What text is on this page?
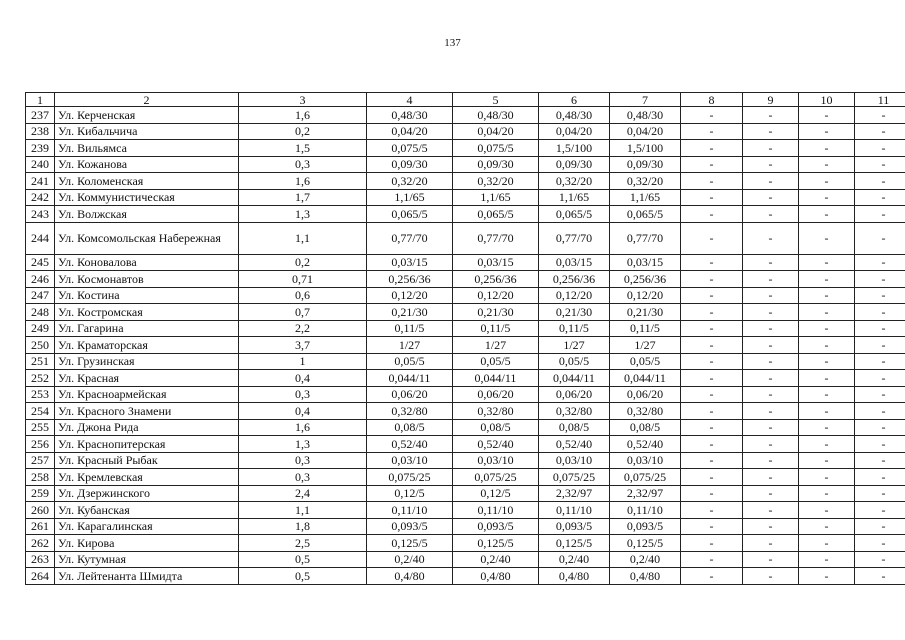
137
1	2	3	4	5	6	7	8	9	10	11
237	Ул. Керченская	1,6	0,48/30	0,48/30	0,48/30	0,48/30	-	-	-	-
238	Ул. Кибальчича	0,2	0,04/20	0,04/20	0,04/20	0,04/20	-	-	-	-
239	Ул. Вильямса	1,5	0,075/5	0,075/5	1,5/100	1,5/100	-	-	-	-
240	Ул. Кожанова	0,3	0,09/30	0,09/30	0,09/30	0,09/30	-	-	-	-
241	Ул. Коломенская	1,6	0,32/20	0,32/20	0,32/20	0,32/20	-	-	-	-
242	Ул. Коммунистическая	1,7	1,1/65	1,1/65	1,1/65	1,1/65	-	-	-	-
243	Ул. Волжская	1,3	0,065/5	0,065/5	0,065/5	0,065/5	-	-	-	-
244	Ул. Комсомольская Набережная	1,1	0,77/70	0,77/70	0,77/70	0,77/70	-	-	-	-
245	Ул. Коновалова	0,2	0,03/15	0,03/15	0,03/15	0,03/15	-	-	-	-
246	Ул. Космонавтов	0,71	0,256/36	0,256/36	0,256/36	0,256/36	-	-	-	-
247	Ул. Костина	0,6	0,12/20	0,12/20	0,12/20	0,12/20	-	-	-	-
248	Ул. Костромская	0,7	0,21/30	0,21/30	0,21/30	0,21/30	-	-	-	-
249	Ул. Гагарина	2,2	0,11/5	0,11/5	0,11/5	0,11/5	-	-	-	-
250	Ул. Краматорская	3,7	1/27	1/27	1/27	1/27	-	-	-	-
251	Ул. Грузинская	1	0,05/5	0,05/5	0,05/5	0,05/5	-	-	-	-
252	Ул. Красная	0,4	0,044/11	0,044/11	0,044/11	0,044/11	-	-	-	-
253	Ул. Красноармейская	0,3	0,06/20	0,06/20	0,06/20	0,06/20	-	-	-	-
254	Ул. Красного Знамени	0,4	0,32/80	0,32/80	0,32/80	0,32/80	-	-	-	-
255	Ул. Джона Рида	1,6	0,08/5	0,08/5	0,08/5	0,08/5	-	-	-	-
256	Ул. Краснопитерская	1,3	0,52/40	0,52/40	0,52/40	0,52/40	-	-	-	-
257	Ул. Красный Рыбак	0,3	0,03/10	0,03/10	0,03/10	0,03/10	-	-	-	-
258	Ул. Кремлевская	0,3	0,075/25	0,075/25	0,075/25	0,075/25	-	-	-	-
259	Ул. Дзержинского	2,4	0,12/5	0,12/5	2,32/97	2,32/97	-	-	-	-
260	Ул. Кубанская	1,1	0,11/10	0,11/10	0,11/10	0,11/10	-	-	-	-
261	Ул. Карагалинская	1,8	0,093/5	0,093/5	0,093/5	0,093/5	-	-	-	-
262	Ул. Кирова	2,5	0,125/5	0,125/5	0,125/5	0,125/5	-	-	-	-
263	Ул. Кутумная	0,5	0,2/40	0,2/40	0,2/40	0,2/40	-	-	-	-
264	Ул. Лейтенанта Шмидта	0,5	0,4/80	0,4/80	0,4/80	0,4/80	-	-	-	-
